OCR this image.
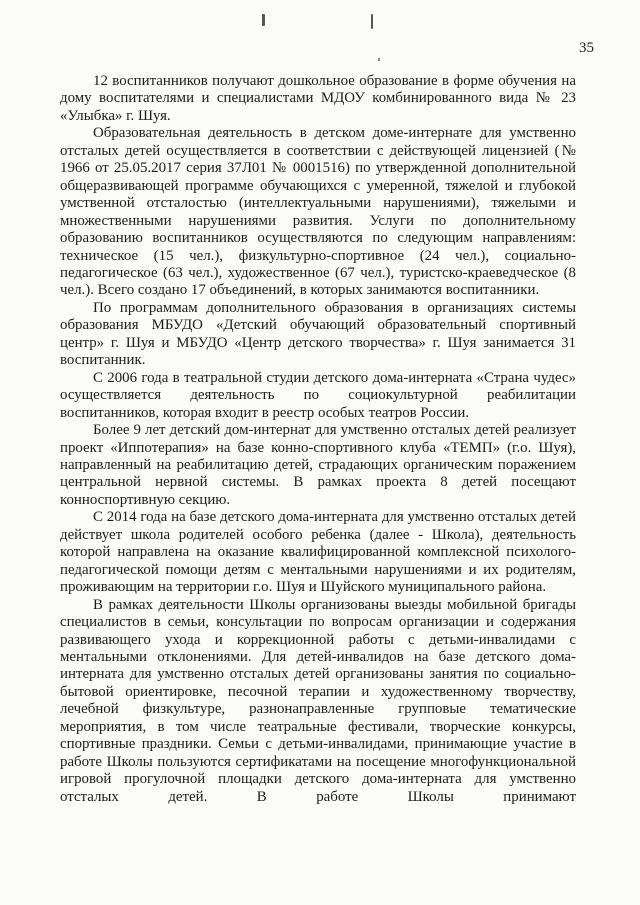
35

12 воспитанников получают дошкольное образование в форме обучения на дому воспитателями и специалистами МДОУ комбинированного вида № 23 «Улыбка» г. Шуя.

Образовательная деятельность в детском доме-интернате для умственно отсталых детей осуществляется в соответствии с действующей лицензией (№ 1966 от 25.05.2017 серия 37Л01 № 0001516) по утвержденной дополнительной общеразвивающей программе обучающихся с умеренной, тяжелой и глубокой умственной отсталостью (интеллектуальными нарушениями), тяжелыми и множественными нарушениями развития. Услуги по дополнительному образованию воспитанников осуществляются по следующим направлениям: техническое (15 чел.), физкультурно-спортивное (24 чел.), социально-педагогическое (63 чел.), художественное (67 чел.), туристско-краеведческое (8 чел.). Всего создано 17 объединений, в которых занимаются воспитанники.

По программам дополнительного образования в организациях системы образования МБУДО «Детский обучающий образовательный спортивный центр» г. Шуя и МБУДО «Центр детского творчества» г. Шуя занимается 31 воспитанник.

С 2006 года в театральной студии детского дома-интерната «Страна чудес» осуществляется деятельность по социокультурной реабилитации воспитанников, которая входит в реестр особых театров России.

Более 9 лет детский дом-интернат для умственно отсталых детей реализует проект «Иппотерапия» на базе конно-спортивного клуба «ТЕМП» (г.о. Шуя), направленный на реабилитацию детей, страдающих органическим поражением центральной нервной системы. В рамках проекта 8 детей посещают конноспортивную секцию.

С 2014 года на базе детского дома-интерната для умственно отсталых детей действует школа родителей особого ребенка (далее - Школа), деятельность которой направлена на оказание квалифицированной комплексной психолого-педагогической помощи детям с ментальными нарушениями и их родителям, проживающим на территории г.о. Шуя и Шуйского муниципального района.

В рамках деятельности Школы организованы выезды мобильной бригады специалистов в семьи, консультации по вопросам организации и содержания развивающего ухода и коррекционной работы с детьми-инвалидами с ментальными отклонениями. Для детей-инвалидов на базе детского дома-интерната для умственно отсталых детей организованы занятия по социально-бытовой ориентировке, песочной терапии и художественному творчеству, лечебной физкультуре, разнонаправленные групповые тематические мероприятия, в том числе театральные фестивали, творческие конкурсы, спортивные праздники. Семьи с детьми-инвалидами, принимающие участие в работе Школы пользуются сертификатами на посещение многофункциональной игровой прогулочной площадки детского дома-интерната для умственно отсталых детей. В работе Школы принимают
